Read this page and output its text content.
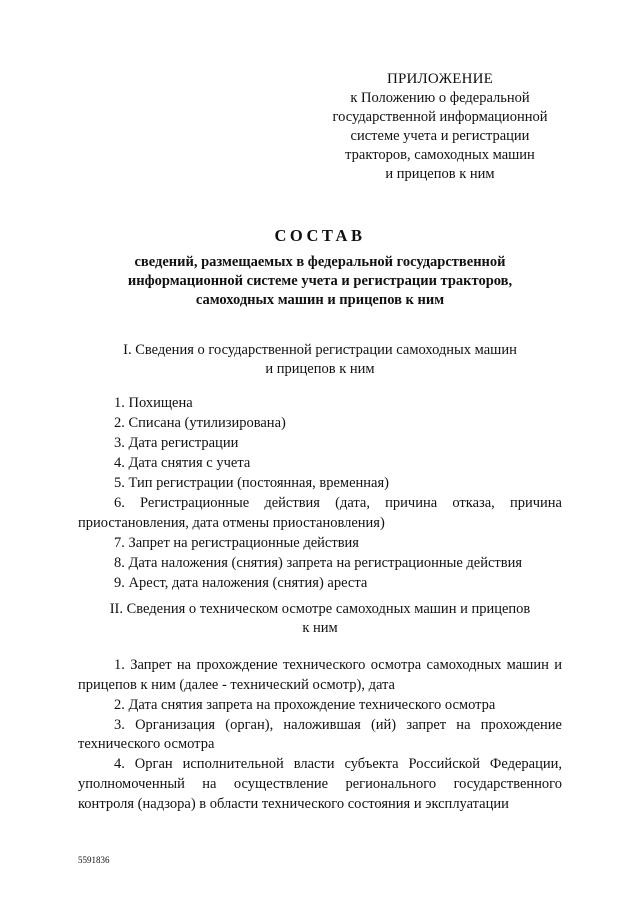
ПРИЛОЖЕНИЕ
к Положению о федеральной
государственной информационной
системе учета и регистрации
тракторов, самоходных машин
и прицепов к ним
СОСТАВ
сведений, размещаемых в федеральной государственной
информационной системе учета и регистрации тракторов,
самоходных машин и прицепов к ним
I. Сведения о государственной регистрации самоходных машин
и прицепов к ним
1. Похищена
2. Списана (утилизирована)
3. Дата регистрации
4. Дата снятия с учета
5. Тип регистрации (постоянная, временная)
6. Регистрационные действия (дата, причина отказа, причина приостановления, дата отмены приостановления)
7. Запрет на регистрационные действия
8. Дата наложения (снятия) запрета на регистрационные действия
9. Арест, дата наложения (снятия) ареста
II. Сведения о техническом осмотре самоходных машин и прицепов
к ним
1. Запрет на прохождение технического осмотра самоходных машин и прицепов к ним (далее - технический осмотр), дата
2. Дата снятия запрета на прохождение технического осмотра
3. Организация (орган), наложившая (ий) запрет на прохождение технического осмотра
4. Орган исполнительной власти субъекта Российской Федерации, уполномоченный на осуществление регионального государственного контроля (надзора) в области технического состояния и эксплуатации
5591836
